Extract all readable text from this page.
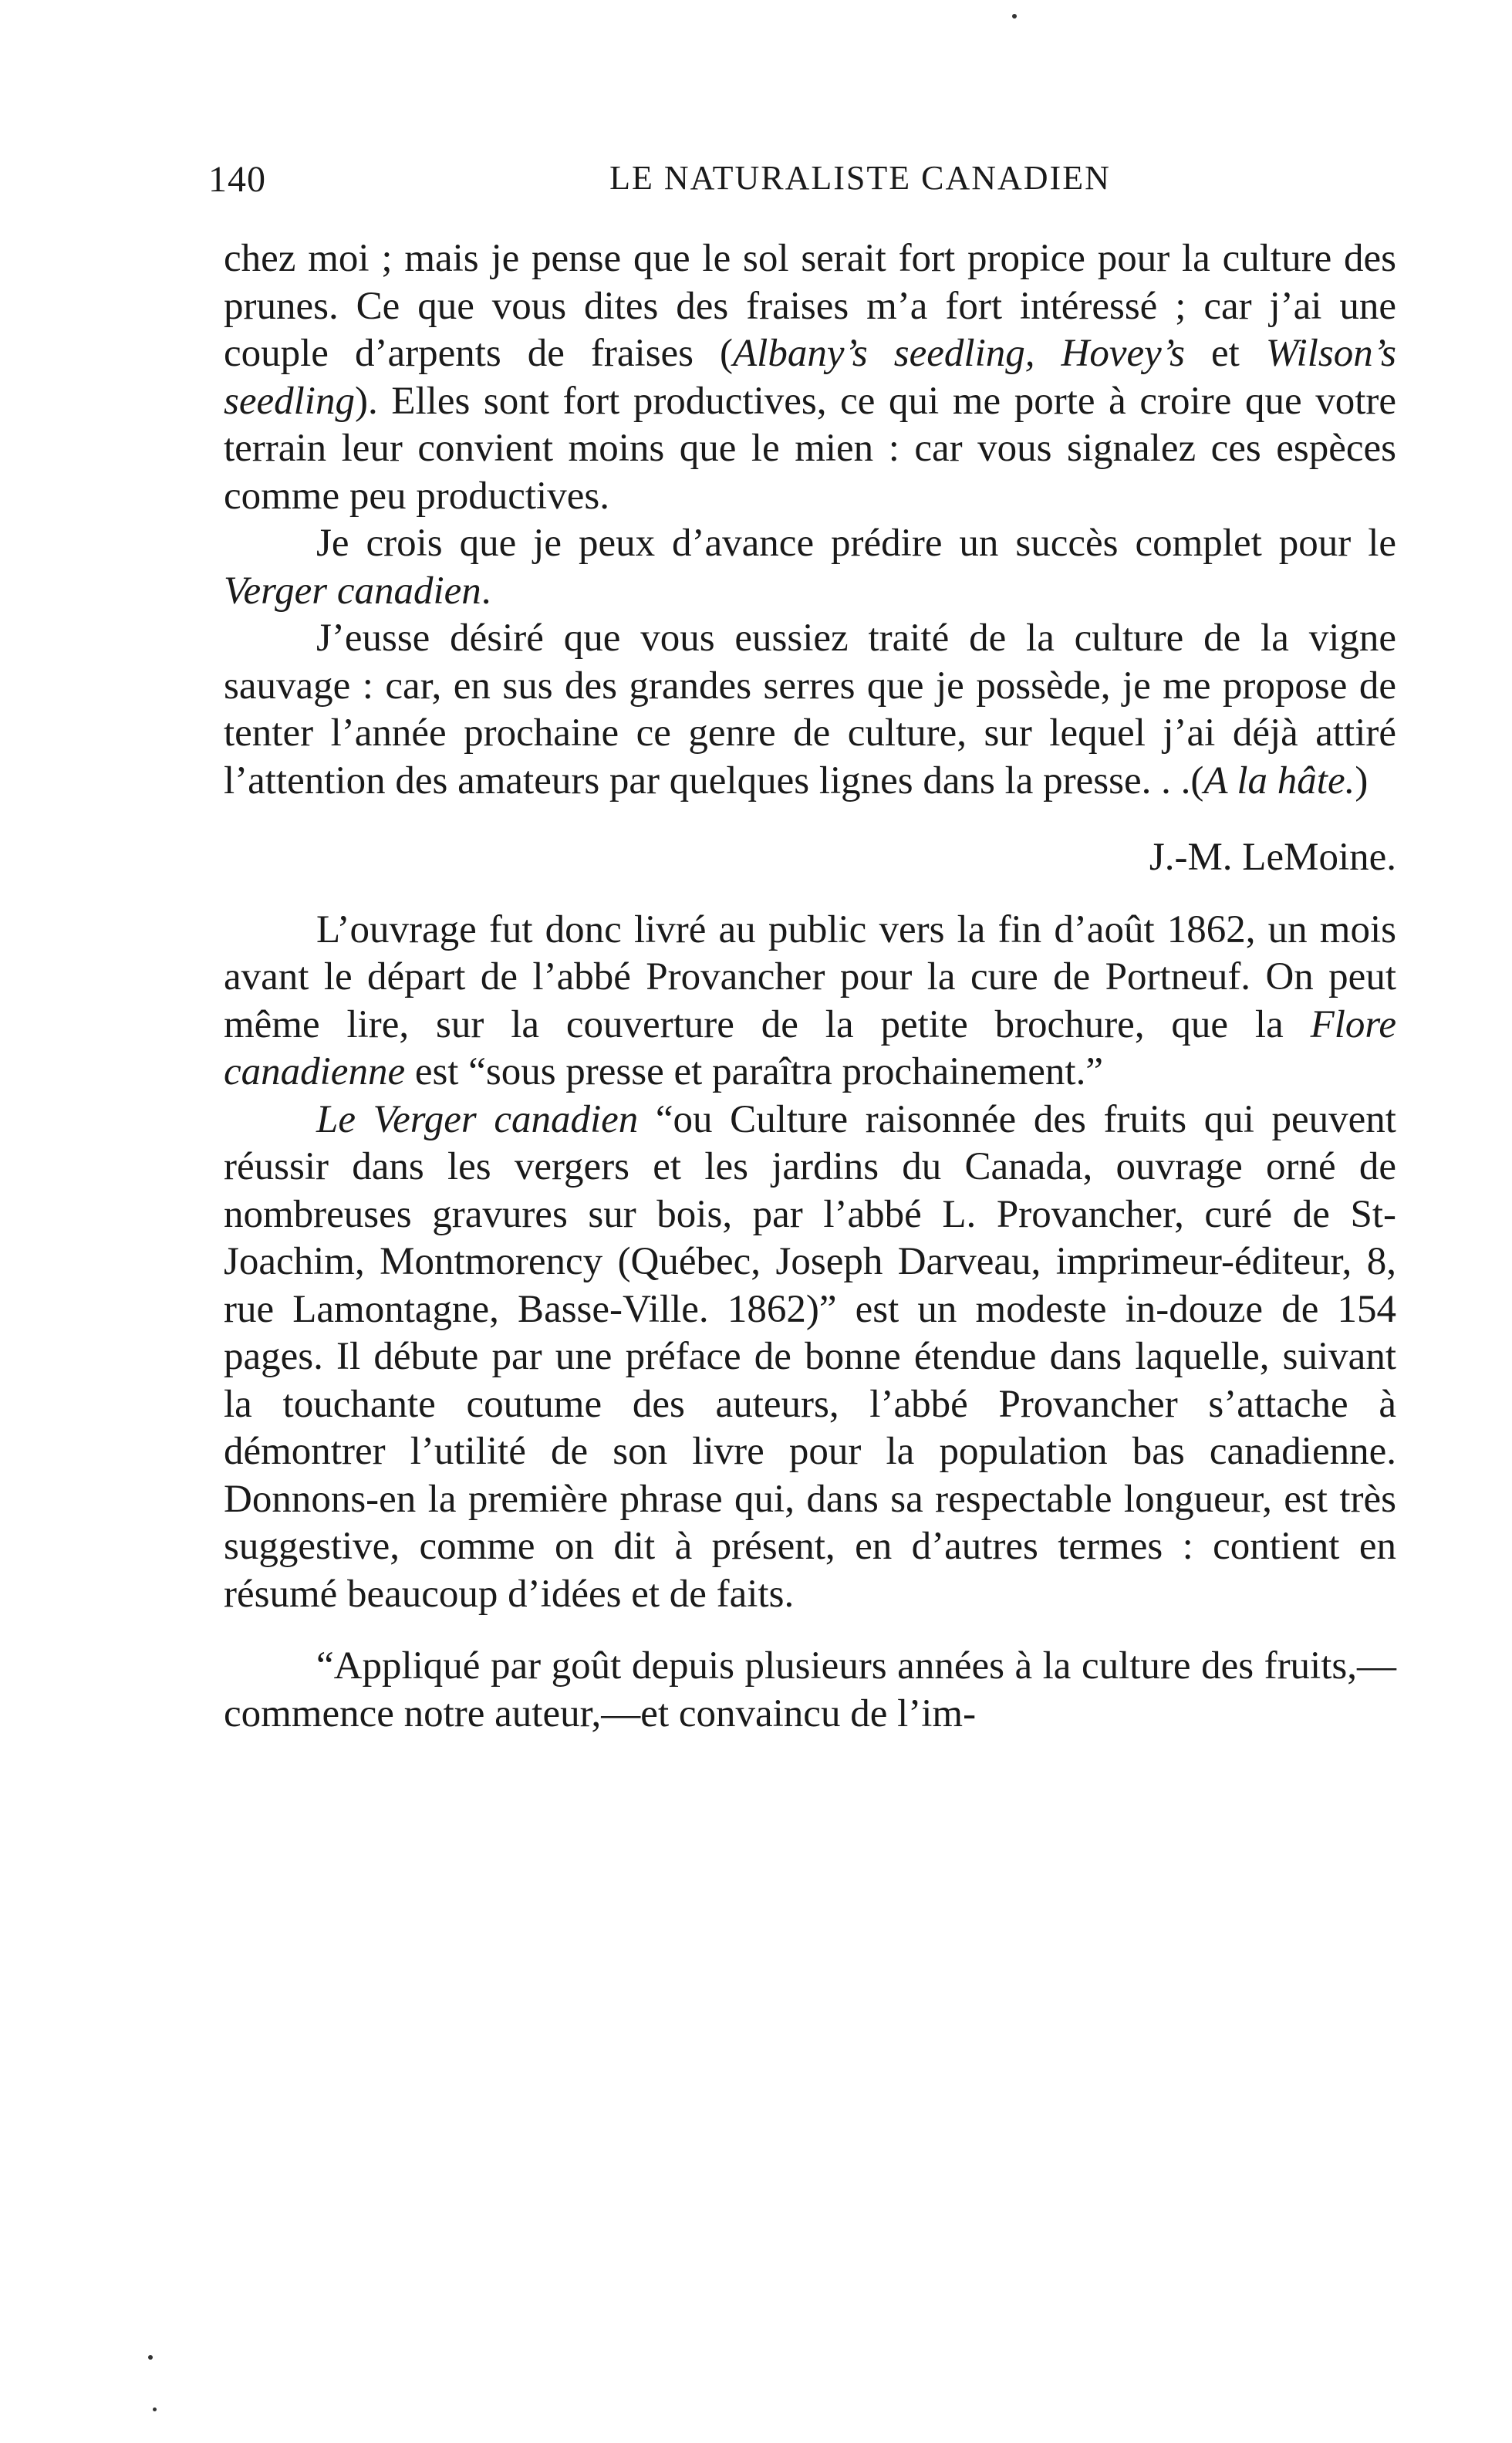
140	LE NATURALISTE CANADIEN

chez moi ; mais je pense que le sol serait fort propice pour la culture des prunes. Ce que vous dites des fraises m’a fort intéressé ; car j’ai une couple d’arpents de fraises (Albany’s seedling, Hovey’s et Wilson’s seedling). Elles sont fort productives, ce qui me porte à croire que votre terrain leur convient moins que le mien : car vous signalez ces espèces comme peu productives.

Je crois que je peux d’avance prédire un succès complet pour le Verger canadien.

J’eusse désiré que vous eussiez traité de la culture de la vigne sauvage : car, en sus des grandes serres que je possède, je me propose de tenter l’année prochaine ce genre de culture, sur lequel j’ai déjà attiré l’attention des amateurs par quelques lignes dans la presse. . .(A la hâte.)

J.-M. LeMoine.

L’ouvrage fut donc livré au public vers la fin d’août 1862, un mois avant le départ de l’abbé Provancher pour la cure de Portneuf. On peut même lire, sur la couverture de la petite brochure, que la Flore canadienne est “sous presse et paraîtra prochainement.”

Le Verger canadien “ou Culture raisonnée des fruits qui peuvent réussir dans les vergers et les jardins du Canada, ouvrage orné de nombreuses gravures sur bois, par l’abbé L. Provancher, curé de St-Joachim, Montmorency (Québec, Joseph Darveau, imprimeur-éditeur, 8, rue Lamontagne, Basse-Ville. 1862)” est un modeste in-douze de 154 pages. Il débute par une préface de bonne étendue dans laquelle, suivant la touchante coutume des auteurs, l’abbé Provancher s’attache à démontrer l’utilité de son livre pour la population bas canadienne. Donnons-en la première phrase qui, dans sa respectable longueur, est très suggestive, comme on dit à présent, en d’autres termes : contient en résumé beaucoup d’idées et de faits.

“Appliqué par goût depuis plusieurs années à la culture des fruits,—commence notre auteur,—et convaincu de l’im-
